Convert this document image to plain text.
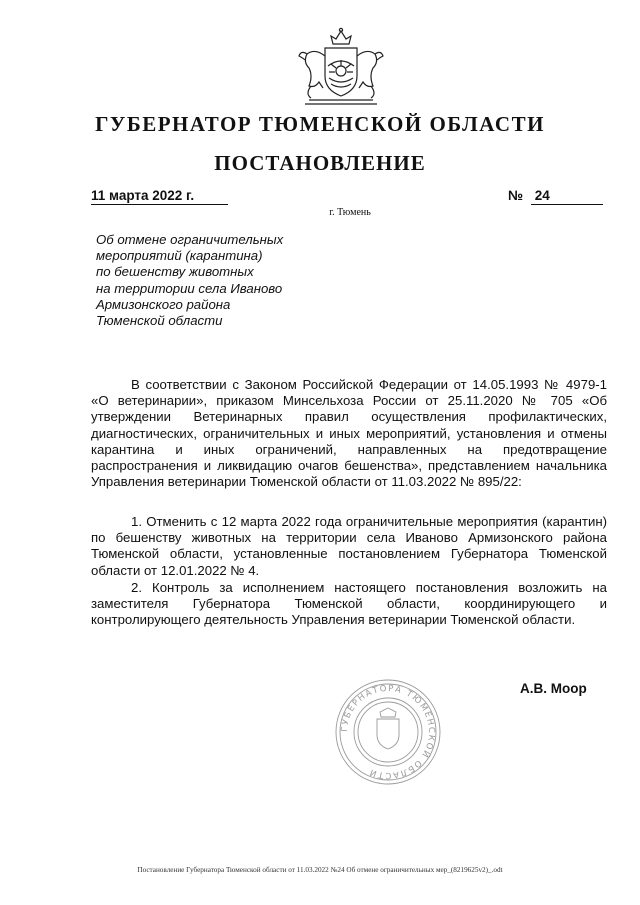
ГУБЕРНАТОР ТЮМЕНСКОЙ ОБЛАСТИ
ПОСТАНОВЛЕНИЕ
11 марта 2022 г.	№ 24
г. Тюмень
Об отмене ограничительных
мероприятий (карантина)
по бешенству животных
на территории села Иваново
Армизонского района
Тюменской области
В соответствии с Законом Российской Федерации от 14.05.1993 № 4979-1 «О ветеринарии», приказом Минсельхоза России от 25.11.2020 № 705 «Об утверждении Ветеринарных правил осуществления профилактических, диагностических, ограничительных и иных мероприятий, установления и отмены карантина и иных ограничений, направленных на предотвращение распространения и ликвидацию очагов бешенства», представлением начальника Управления ветеринарии Тюменской области от 11.03.2022 № 895/22:
1. Отменить с 12 марта 2022 года ограничительные мероприятия (карантин) по бешенству животных на территории села Иваново Армизонского района Тюменской области, установленные постановлением Губернатора Тюменской области от 12.01.2022 № 4.
2. Контроль за исполнением настоящего постановления возложить на заместителя Губернатора Тюменской области, координирующего и контролирующего деятельность Управления ветеринарии Тюменской области.
ГУБЕРНАТОРА ТЮМЕНСКОЙ ОБЛАСТИ
А.В. Моор
Постановление Губернатора Тюменской области от 11.03.2022 №24 Об отмене ограничительных мер_(8219625v2)_.odt
